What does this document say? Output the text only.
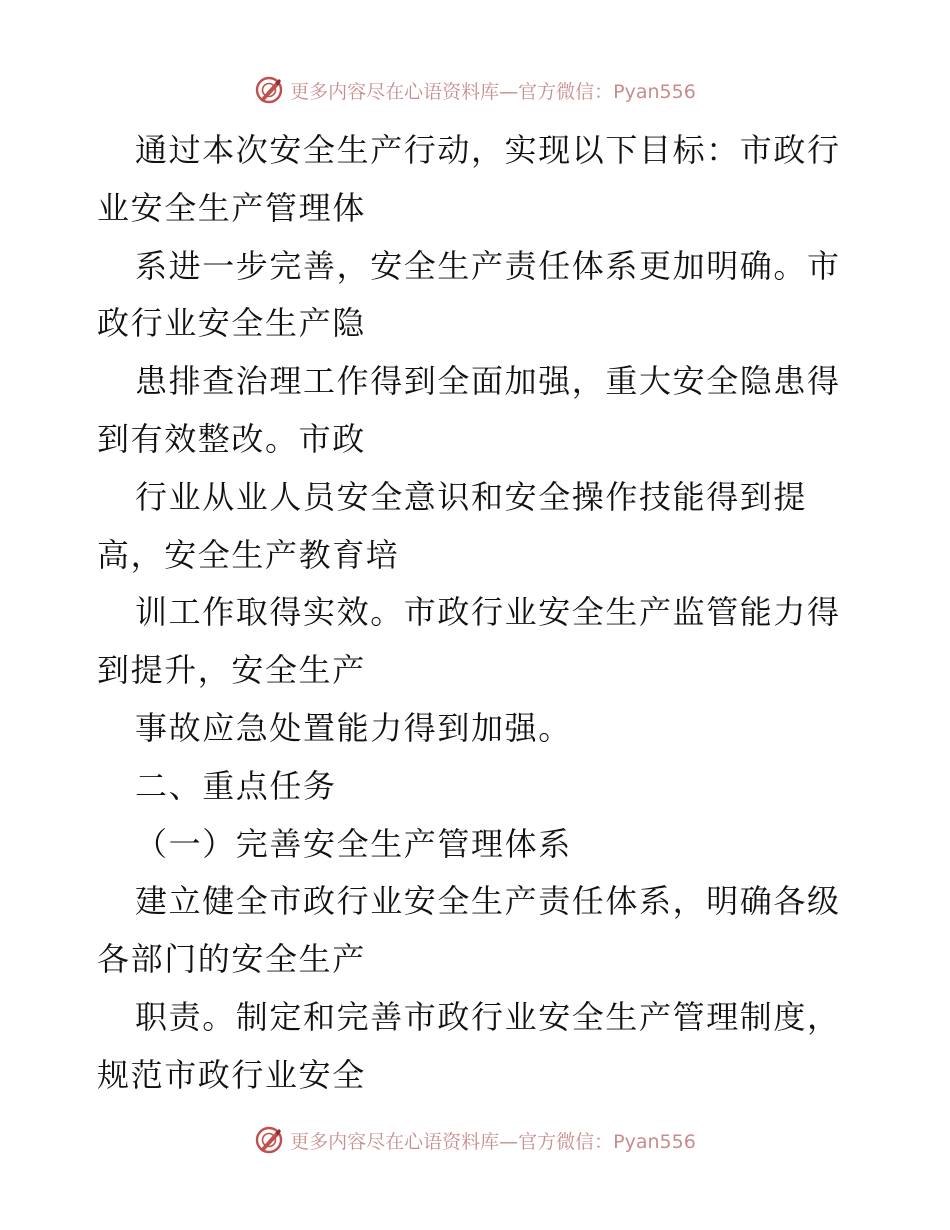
更多内容尽在心语资料库—官方微信：Pyan556
通过本次安全生产行动，实现以下目标：市政行
业安全生产管理体
系进一步完善，安全生产责任体系更加明确。市
政行业安全生产隐
患排查治理工作得到全面加强，重大安全隐患得
到有效整改。市政
行业从业人员安全意识和安全操作技能得到提
高，安全生产教育培
训工作取得实效。市政行业安全生产监管能力得
到提升，安全生产
事故应急处置能力得到加强。
二、重点任务
（一）完善安全生产管理体系
建立健全市政行业安全生产责任体系，明确各级
各部门的安全生产
职责。制定和完善市政行业安全生产管理制度，
规范市政行业安全
更多内容尽在心语资料库—官方微信：Pyan556
